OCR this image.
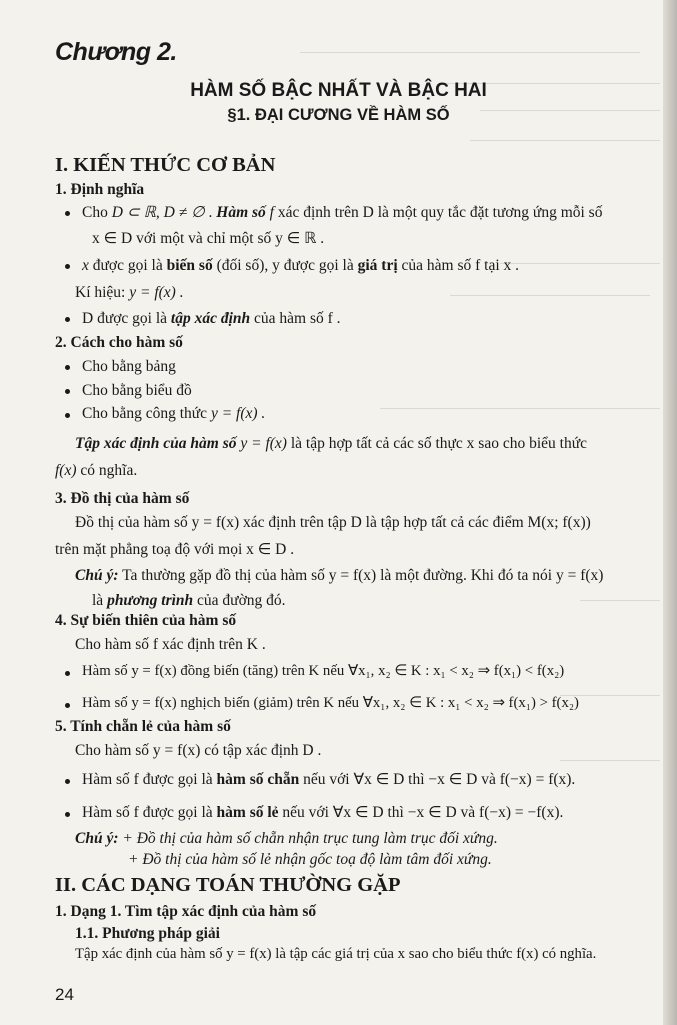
Chương 2.
HÀM SỐ BẬC NHẤT VÀ BẬC HAI
§1. ĐẠI CƯƠNG VỀ HÀM SỐ
I. KIẾN THỨC CƠ BẢN
1. Định nghĩa
Cho D ⊂ ℝ, D ≠ ∅ . Hàm số f xác định trên D là một quy tắc đặt tương ứng mỗi số
x ∈ D với một và chỉ một số y ∈ ℝ .
x được gọi là biến số (đối số), y được gọi là giá trị của hàm số f tại x .
Kí hiệu: y = f(x) .
D được gọi là tập xác định của hàm số f .
2. Cách cho hàm số
Cho bằng bảng
Cho bằng biểu đồ
Cho bằng công thức y = f(x) .
Tập xác định của hàm số y = f(x) là tập hợp tất cả các số thực x sao cho biểu thức
f(x) có nghĩa.
3. Đồ thị của hàm số
Đồ thị của hàm số y = f(x) xác định trên tập D là tập hợp tất cả các điểm M(x; f(x))
trên mặt phẳng toạ độ với mọi x ∈ D .
Chú ý: Ta thường gặp đồ thị của hàm số y = f(x) là một đường. Khi đó ta nói y = f(x)
là phương trình của đường đó.
4. Sự biến thiên của hàm số
Cho hàm số f xác định trên K .
Hàm số y = f(x) đồng biến (tăng) trên K nếu ∀x₁, x₂ ∈ K : x₁ < x₂ ⇒ f(x₁) < f(x₂)
Hàm số y = f(x) nghịch biến (giảm) trên K nếu ∀x₁, x₂ ∈ K : x₁ < x₂ ⇒ f(x₁) > f(x₂)
5. Tính chẵn lẻ của hàm số
Cho hàm số y = f(x) có tập xác định D .
Hàm số f được gọi là hàm số chẵn nếu với ∀x ∈ D thì −x ∈ D và f(−x) = f(x).
Hàm số f được gọi là hàm số lẻ nếu với ∀x ∈ D thì −x ∈ D và f(−x) = −f(x).
Chú ý: + Đồ thị của hàm số chẵn nhận trục tung làm trục đối xứng.
+ Đồ thị của hàm số lẻ nhận gốc toạ độ làm tâm đối xứng.
II. CÁC DẠNG TOÁN THƯỜNG GẶP
1. Dạng 1. Tìm tập xác định của hàm số
1.1. Phương pháp giải
Tập xác định của hàm số y = f(x) là tập các giá trị của x sao cho biểu thức f(x) có nghĩa.
24
